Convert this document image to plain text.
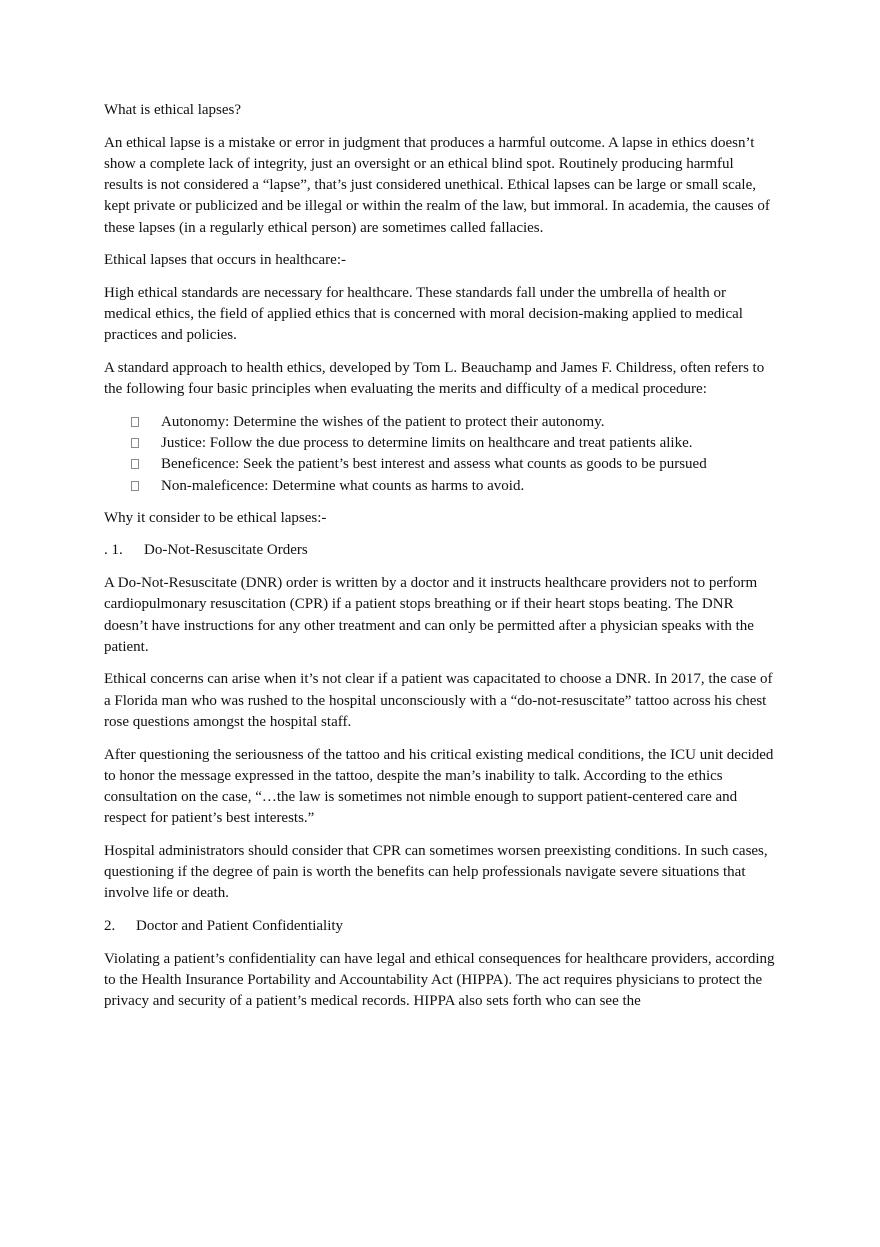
What is ethical lapses?

An ethical lapse is a mistake or error in judgment that produces a harmful outcome. A lapse in ethics doesn’t show a complete lack of integrity, just an oversight or an ethical blind spot. Routinely producing harmful results is not considered a “lapse”, that’s just considered unethical. Ethical lapses can be large or small scale, kept private or publicized and be illegal or within the realm of the law, but immoral. In academia, the causes of these lapses (in a regularly ethical person) are sometimes called fallacies.

Ethical lapses that occurs in healthcare:-

High ethical standards are necessary for healthcare. These standards fall under the umbrella of health or medical ethics, the field of applied ethics that is concerned with moral decision-making applied to medical practices and policies.

A standard approach to health ethics, developed by Tom L. Beauchamp and James F. Childress, often refers to the following four basic principles when evaluating the merits and difficulty of a medical procedure:

Autonomy: Determine the wishes of the patient to protect their autonomy.
Justice: Follow the due process to determine limits on healthcare and treat patients alike.
Beneficence: Seek the patient’s best interest and assess what counts as goods to be pursued
Non-maleficence: Determine what counts as harms to avoid.

Why it consider to be ethical lapses:-

. 1.	Do-Not-Resuscitate Orders

A Do-Not-Resuscitate (DNR) order is written by a doctor and it instructs healthcare providers not to perform cardiopulmonary resuscitation (CPR) if a patient stops breathing or if their heart stops beating. The DNR doesn’t have instructions for any other treatment and can only be permitted after a physician speaks with the patient.

Ethical concerns can arise when it’s not clear if a patient was capacitated to choose a DNR. In 2017, the case of a Florida man who was rushed to the hospital unconsciously with a “do-not-resuscitate” tattoo across his chest rose questions amongst the hospital staff.

After questioning the seriousness of the tattoo and his critical existing medical conditions, the ICU unit decided to honor the message expressed in the tattoo, despite the man’s inability to talk. According to the ethics consultation on the case, “…the law is sometimes not nimble enough to support patient-centered care and respect for patient’s best interests.”

Hospital administrators should consider that CPR can sometimes worsen preexisting conditions. In such cases, questioning if the degree of pain is worth the benefits can help professionals navigate severe situations that involve life or death.

2.	Doctor and Patient Confidentiality

Violating a patient’s confidentiality can have legal and ethical consequences for healthcare providers, according to the Health Insurance Portability and Accountability Act (HIPPA). The act requires physicians to protect the privacy and security of a patient’s medical records. HIPPA also sets forth who can see the
